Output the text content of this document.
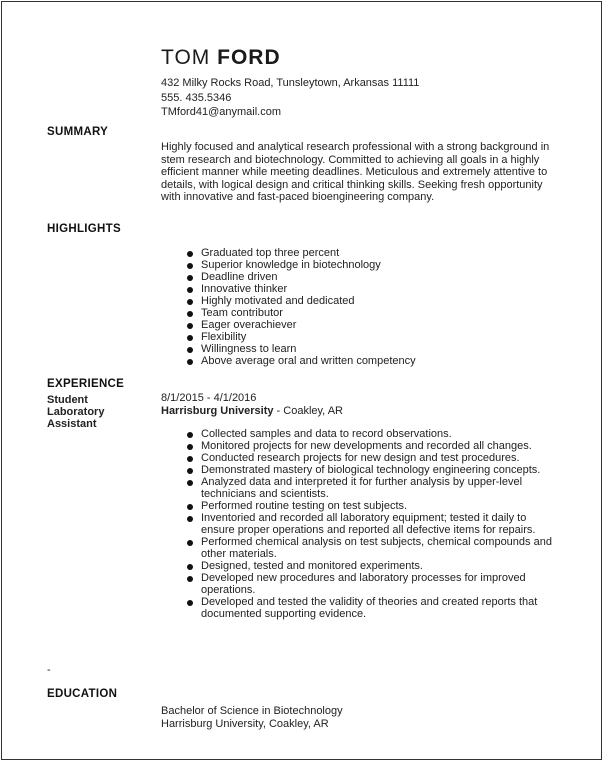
TOM FORD
432 Milky Rocks Road, Tunsleytown, Arkansas 11111
555. 435.5346
TMford41@anymail.com
SUMMARY

Highly focused and analytical research professional with a strong background in stem research and biotechnology. Committed to achieving all goals in a highly efficient manner while meeting deadlines. Meticulous and extremely attentive to details, with logical design and critical thinking skills. Seeking fresh opportunity with innovative and fast-paced bioengineering company.

HIGHLIGHTS
Graduated top three percent
Superior knowledge in biotechnology
Deadline driven
Innovative thinker
Highly motivated and dedicated
Team contributor
Eager overachiever
Flexibility
Willingness to learn
Above average oral and written competency
EXPERIENCE
Student Laboratory Assistant
8/1/2015 - 4/1/2016
Harrisburg University - Coakley, AR
Collected samples and data to record observations.
Monitored projects for new developments and recorded all changes.
Conducted research projects for new design and test procedures.
Demonstrated mastery of biological technology engineering concepts.
Analyzed data and interpreted it for further analysis by upper-level technicians and scientists.
Performed routine testing on test subjects.
Inventoried and recorded all laboratory equipment; tested it daily to ensure proper operations and reported all defective items for repairs.
Performed chemical analysis on test subjects, chemical compounds and other materials.
Designed, tested and monitored experiments.
Developed new procedures and laboratory processes for improved operations.
Developed and tested the validity of theories and created reports that documented supporting evidence.
-
EDUCATION
Bachelor of Science in Biotechnology
Harrisburg University, Coakley, AR
